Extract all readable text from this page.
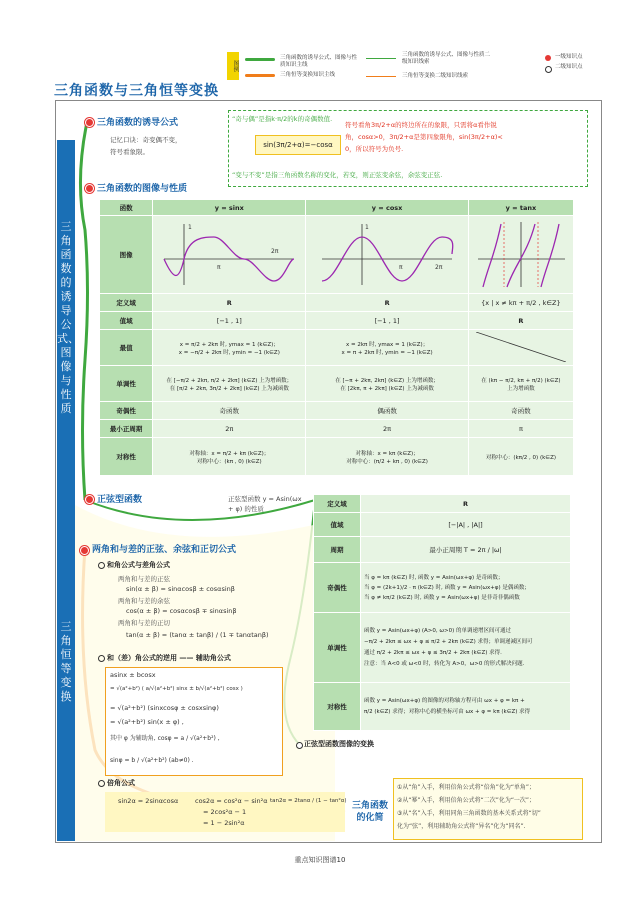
图例
三角函数的诱导公式、图像与性质知识主线
三角恒等变换知识主线
三角函数的诱导公式、图像与性质二级知识线索
三角恒等变换二级知识线索
一级知识点
二级知识点
三角函数与三角恒等变换
三角函数的诱导公式、图像与性质
三角恒等变换
三角函数的诱导公式
记忆口诀：奇变偶不变，
符号看象限。
“奇与偶”是指k·π/2的k的奇偶数值.
sin(3π/2+α)=−cosα
符号看角3π/2+α的终边所在的象限，只需将α看作锐
角，cosα>0，3π/2+α是第四象限角，sin(3π/2+α)<
0，所以符号为负号.
“变与不变”是指三角函数名称的变化，若变，则正弦变余弦，余弦变正弦.
三角函数的图像与性质
函数	y = sinx	y = cosx	y = tanx
图像	1
π
2π	1
π 2π

定义域	R	R	{x | x ≠ kπ + π/2 , k∈Z}
值域	[−1 , 1]	[−1 , 1]	R
最值	x = π/2 + 2kπ 时, ymax = 1 (k∈Z)；
x = −π/2 + 2kπ 时, ymin = −1 (k∈Z)	x = 2kπ 时, ymax = 1 (k∈Z)；
x = π + 2kπ 时, ymin = −1 (k∈Z)	
单调性	在 [−π/2 + 2kπ, π/2 + 2kπ] (k∈Z) 上为增函数；
在 [π/2 + 2kπ, 3π/2 + 2kπ] (k∈Z) 上为减函数	在 [−π + 2kπ, 2kπ] (k∈Z) 上为增函数；
在 [2kπ, π + 2kπ] (k∈Z) 上为减函数	在 (kπ − π/2, kπ + π/2) (k∈Z)
上为增函数
奇偶性	奇函数	偶函数	奇函数
最小正周期	2π	2π	π
对称性	对称轴：x = π/2 + kπ (k∈Z)；
对称中心：(kπ , 0) (k∈Z)	对称轴：x = kπ (k∈Z)；
对称中心：(π/2 + kπ , 0) (k∈Z)	对称中心：(kπ/2 , 0) (k∈Z)
正弦型函数	正弦型函数 y = Asin(ωx + φ) 的性质
定义域	R
值域	[−|A| , |A|]
周期	最小正周期 T = 2π / |ω|
奇偶性	当 φ = kπ (k∈Z) 时, 函数 y = Asin(ωx+φ) 是奇函数；
当 φ = (2k+1)/2 · π (k∈Z) 时, 函数 y = Asin(ωx+φ) 是偶函数；
当 φ ≠ kπ/2 (k∈Z) 时, 函数 y = Asin(ωx+φ) 是非奇非偶函数
单调性	函数 y = Asin(ωx+φ) (A>0, ω>0) 的单调递增区间可通过
−π/2 + 2kπ ≤ ωx + φ ≤ π/2 + 2kπ (k∈Z) 求得；单调递减区间可
通过 π/2 + 2kπ ≤ ωx + φ ≤ 3π/2 + 2kπ (k∈Z) 求得.
注意：当 A<0 或 ω<0 时，转化为 A>0，ω>0 的形式解决问题.
对称性	函数 y = Asin(ωx+φ) 的图像的对称轴方程可由 ωx + φ = kπ +
π/2 (k∈Z) 求得；对称中心的横坐标可由 ωx + φ = kπ (k∈Z) 求得
正弦型函数图像的变换
两角和与差的正弦、余弦和正切公式
和角公式与差角公式
两角和与差的正弦
sin(α ± β) = sinαcosβ ± cosαsinβ
两角和与差的余弦
cos(α ± β) = cosαcosβ ∓ sinαsinβ
两角和与差的正切
tan(α ± β) = (tanα ± tanβ) / (1 ∓ tanαtanβ)
和（差）角公式的逆用 —— 辅助角公式
asinx ± bcosx
= √(a²+b²) ( a/√(a²+b²) sinx ± b/√(a²+b²) cosx )
= √(a²+b²) (sinxcosφ ± cosxsinφ)
= √(a²+b²) sin(x ± φ) ,
其中 φ 为辅助角, cosφ = a / √(a²+b²) ,
sinφ = b / √(a²+b²) (ab≠0) .
倍角公式
sin2α = 2sinαcosα	cos2α = cos²α − sin²α
= 2cos²α − 1
= 1 − 2sin²α
tan2α = 2tanα / (1 − tan²α) 三角函数的化简
①从“角”入手，利用倍角公式将“倍角”化为“单角”；
②从“幂”入手，利用倍角公式将“二次”化为“一次”；
③从“名”入手，利用同角三角函数的基本关系式将“切”
化为“弦”，利用辅助角公式将“异名”化为“同名”.
重点知识图谱10
